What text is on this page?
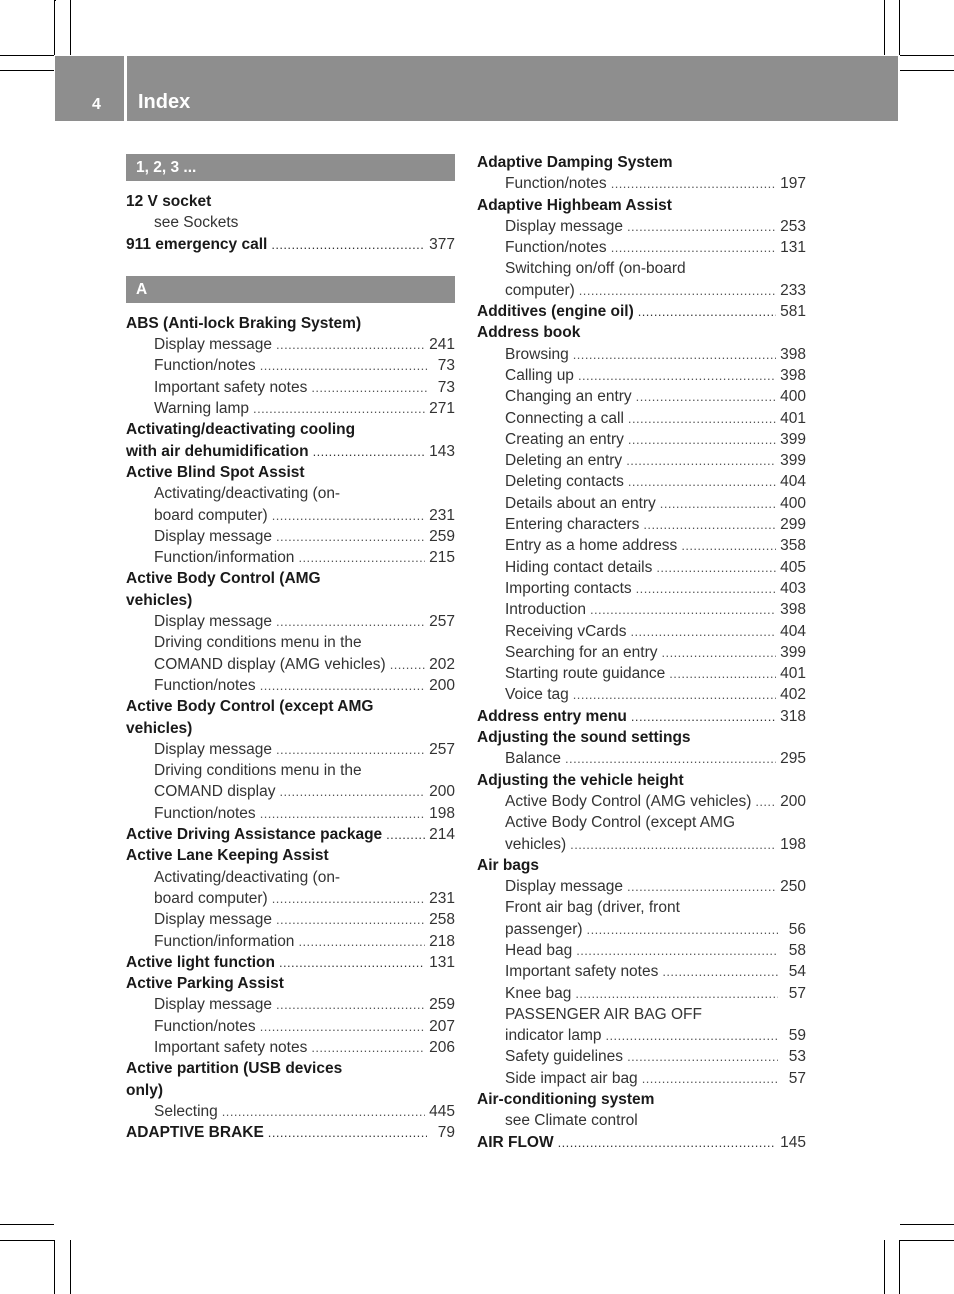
4 Index
1, 2, 3 ...
12 V socket
see Sockets
911 emergency call . . .	377
A
ABS (Anti-lock Braking System)
Display message . . .	241
Function/notes . . .	73
Important safety notes . . .	73
Warning lamp . . .	271
Activating/deactivating cooling
with air dehumidification . . .	143
Active Blind Spot Assist
Activating/deactivating (on-
board computer) . . .	231
Display message . . .	259
Function/information . . .	215
Active Body Control (AMG
vehicles)
Display message . . .	257
Driving conditions menu in the
COMAND display (AMG vehicles) . . .	202
Function/notes . . .	200
Active Body Control (except AMG
vehicles)
Display message . . .	257
Driving conditions menu in the
COMAND display . . .	200
Function/notes . . .	198
Active Driving Assistance package . . .	214
Active Lane Keeping Assist
Activating/deactivating (on-
board computer) . . .	231
Display message . . .	258
Function/information . . .	218
Active light function . . .	131
Active Parking Assist
Display message . . .	259
Function/notes . . .	207
Important safety notes . . .	206
Active partition (USB devices
only)
Selecting . . .	445
ADAPTIVE BRAKE . . .	79
Adaptive Damping System
Function/notes . . .	197
Adaptive Highbeam Assist
Display message . . .	253
Function/notes . . .	131
Switching on/off (on-board
computer) . . .	233
Additives (engine oil) . . .	581
Address book
Browsing . . .	398
Calling up . . .	398
Changing an entry . . .	400
Connecting a call . . .	401
Creating an entry . . .	399
Deleting an entry . . .	399
Deleting contacts . . .	404
Details about an entry . . .	400
Entering characters . . .	299
Entry as a home address . . .	358
Hiding contact details . . .	405
Importing contacts . . .	403
Introduction . . .	398
Receiving vCards . . .	404
Searching for an entry . . .	399
Starting route guidance . . .	401
Voice tag . . .	402
Address entry menu . . .	318
Adjusting the sound settings
Balance . . .	295
Adjusting the vehicle height
Active Body Control (AMG vehicles) . . . 200
Active Body Control (except AMG
vehicles) . . .	198
Air bags
Display message . . .	250
Front air bag (driver, front
passenger) . . .	56
Head bag . . .	58
Important safety notes . . .	54
Knee bag . . .	57
PASSENGER AIR BAG OFF
indicator lamp . . .	59
Safety guidelines . . .	53
Side impact air bag . . .	57
Air-conditioning system
see Climate control
AIR FLOW . . .	145
